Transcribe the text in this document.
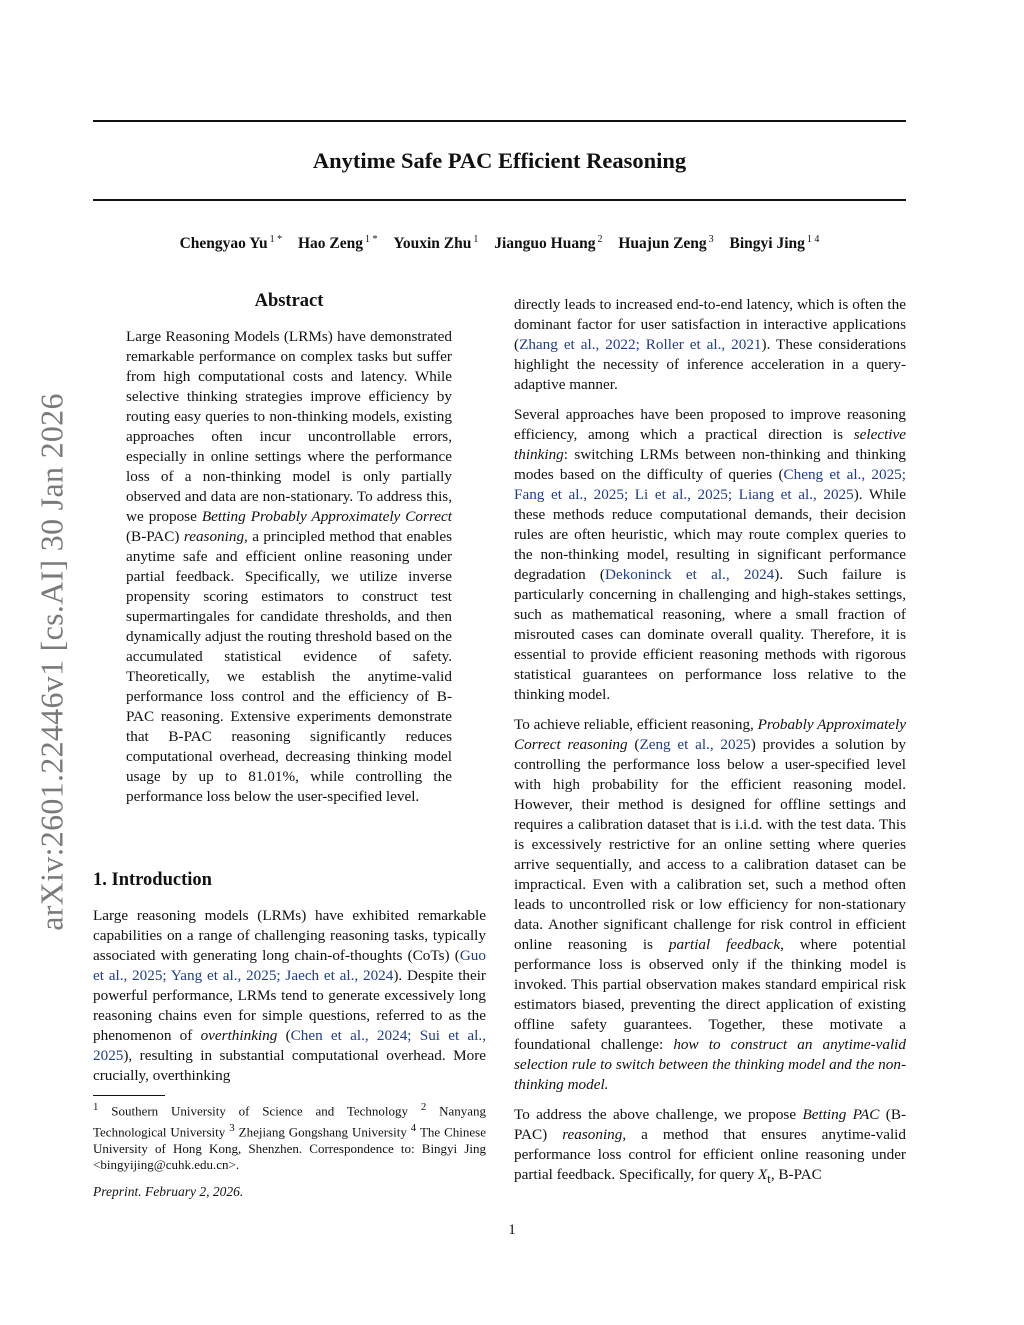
arXiv:2601.22446v1 [cs.AI] 30 Jan 2026
Anytime Safe PAC Efficient Reasoning
Chengyao Yu $^{1 *}$ Hao Zeng $^{1 *}$ Youxin Zhu $^1$ Jianguo Huang $^2$ Huajun Zeng $^3$ Bingyi Jing $^{1 4}$
Abstract
Large Reasoning Models (LRMs) have demonstrated remarkable performance on complex tasks but suffer from high computational costs and latency. While selective thinking strategies improve efficiency by routing easy queries to non-thinking models, existing approaches often incur uncontrollable errors, especially in online settings where the performance loss of a non-thinking model is only partially observed and data are non-stationary. To address this, we propose Betting Probably Approximately Correct (B-PAC) reasoning, a principled method that enables anytime safe and efficient online reasoning under partial feedback. Specifically, we utilize inverse propensity scoring estimators to construct test supermartingales for candidate thresholds, and then dynamically adjust the routing threshold based on the accumulated statistical evidence of safety. Theoretically, we establish the anytime-valid performance loss control and the efficiency of B-PAC reasoning. Extensive experiments demonstrate that B-PAC reasoning significantly reduces computational overhead, decreasing thinking model usage by up to 81.01%, while controlling the performance loss below the user-specified level.
1. Introduction
Large reasoning models (LRMs) have exhibited remarkable capabilities on a range of challenging reasoning tasks, typically associated with generating long chain-of-thoughts (CoTs) (Guo et al., 2025; Yang et al., 2025; Jaech et al., 2024). Despite their powerful performance, LRMs tend to generate excessively long reasoning chains even for simple questions, referred to as the phenomenon of overthinking (Chen et al., 2024; Sui et al., 2025), resulting in substantial computational overhead. More crucially, overthinking
$^1$ Southern University of Science and Technology $^2$ Nanyang Technological University $^3$ Zhejiang Gongshang University $^4$ The Chinese University of Hong Kong, Shenzhen. Correspondence to: Bingyi Jing <bingyijing@cuhk.edu.cn>.
Preprint. February 2, 2026.

directly leads to increased end-to-end latency, which is often the dominant factor for user satisfaction in interactive applications (Zhang et al., 2022; Roller et al., 2021). These considerations highlight the necessity of inference acceleration in a query-adaptive manner.

Several approaches have been proposed to improve reasoning efficiency, among which a practical direction is selective thinking: switching LRMs between non-thinking and thinking modes based on the difficulty of queries (Cheng et al., 2025; Fang et al., 2025; Li et al., 2025; Liang et al., 2025). While these methods reduce computational demands, their decision rules are often heuristic, which may route complex queries to the non-thinking model, resulting in significant performance degradation (Dekoninck et al., 2024). Such failure is particularly concerning in challenging and high-stakes settings, such as mathematical reasoning, where a small fraction of misrouted cases can dominate overall quality. Therefore, it is essential to provide efficient reasoning methods with rigorous statistical guarantees on performance loss relative to the thinking model.

To achieve reliable, efficient reasoning, Probably Approximately Correct reasoning (Zeng et al., 2025) provides a solution by controlling the performance loss below a user-specified level with high probability for the efficient reasoning model. However, their method is designed for offline settings and requires a calibration dataset that is i.i.d. with the test data. This is excessively restrictive for an online setting where queries arrive sequentially, and access to a calibration dataset can be impractical. Even with a calibration set, such a method often leads to uncontrolled risk or low efficiency for non-stationary data. Another significant challenge for risk control in efficient online reasoning is partial feedback, where potential performance loss is observed only if the thinking model is invoked. This partial observation makes standard empirical risk estimators biased, preventing the direct application of existing offline safety guarantees. Together, these motivate a foundational challenge: how to construct an anytime-valid selection rule to switch between the thinking model and the non-thinking model.

To address the above challenge, we propose Betting PAC (B-PAC) reasoning, a method that ensures anytime-valid performance loss control for efficient online reasoning under partial feedback. Specifically, for query $X_t$, B-PAC

1
